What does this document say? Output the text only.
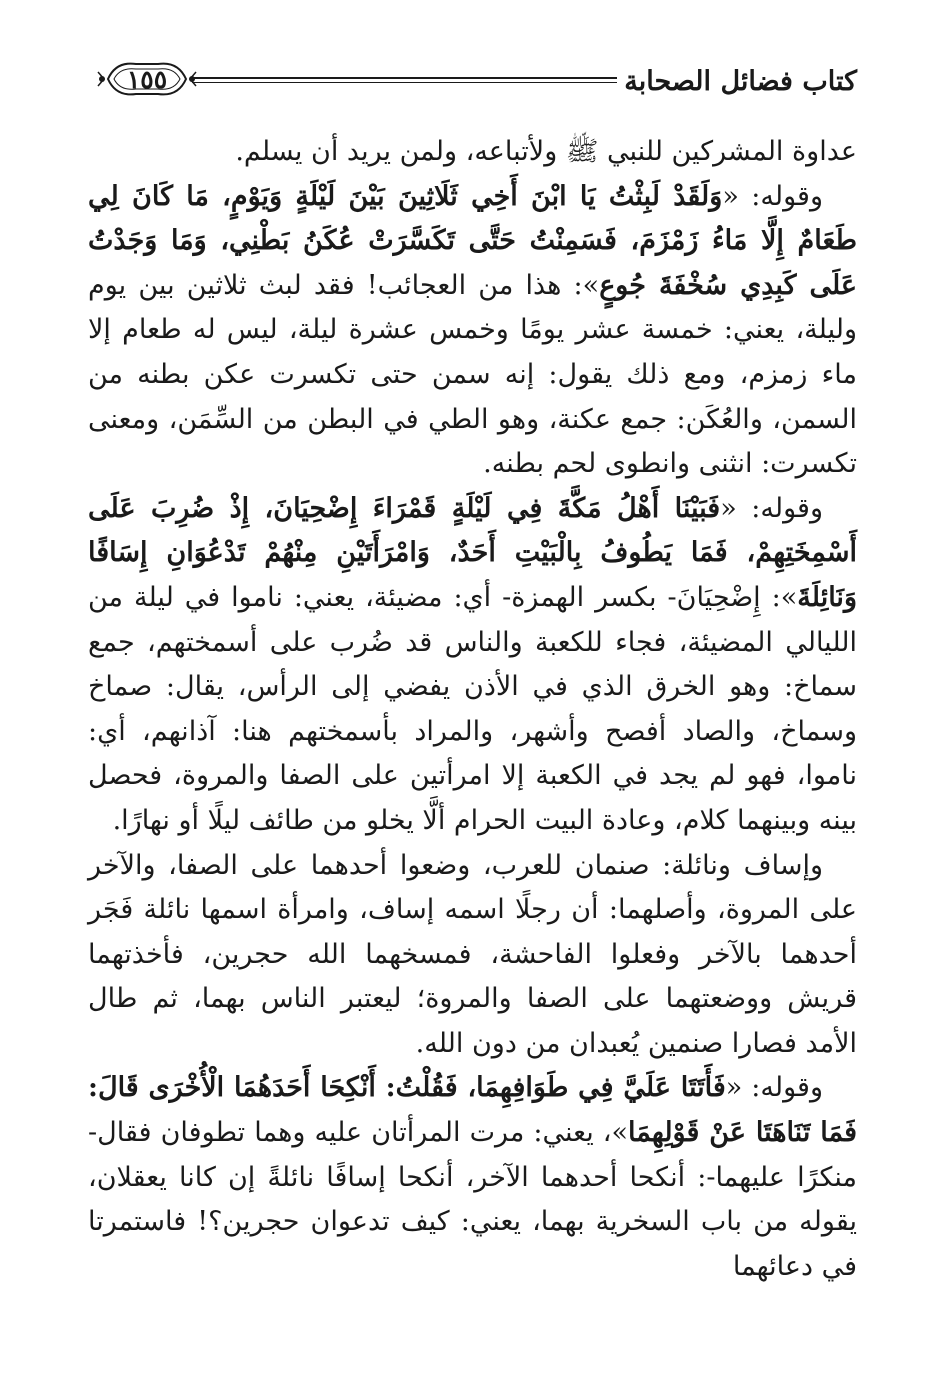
كتاب فضائل الصحابة
١٥٥

عداوة المشركين للنبي ﷺ ولأتباعه، ولمن يريد أن يسلم.

وقوله: «وَلَقَدْ لَبِثْتُ يَا ابْنَ أَخِي ثَلَاثِينَ بَيْنَ لَيْلَةٍ وَيَوْمٍ، مَا كَانَ لِي طَعَامٌ إِلَّا مَاءُ زَمْزَمَ، فَسَمِنْتُ حَتَّى تَكَسَّرَتْ عُكَنُ بَطْنِي، وَمَا وَجَدْتُ عَلَى كَبِدِي سُخْفَةَ جُوعٍ»: هذا من العجائب! فقد لبث ثلاثين بين يوم وليلة، يعني: خمسة عشر يومًا وخمس عشرة ليلة، ليس له طعام إلا ماء زمزم، ومع ذلك يقول: إنه سمن حتى تكسرت عكن بطنه من السمن، والعُكَن: جمع عكنة، وهو الطي في البطن من السِّمَن، ومعنى تكسرت: انثنى وانطوى لحم بطنه.

وقوله: «فَبَيْنَا أَهْلُ مَكَّةَ فِي لَيْلَةٍ قَمْرَاءَ إِضْحِيَانَ، إِذْ ضُرِبَ عَلَى أَسْمِخَتِهِمْ، فَمَا يَطُوفُ بِالْبَيْتِ أَحَدٌ، وَامْرَأَتَيْنِ مِنْهُمْ تَدْعُوَانِ إِسَافًا وَنَائِلَةَ»: إِضْحِيَانَ- بكسر الهمزة- أي: مضيئة، يعني: ناموا في ليلة من الليالي المضيئة، فجاء للكعبة والناس قد ضُرب على أسمختهم، جمع سماخ: وهو الخرق الذي في الأذن يفضي إلى الرأس، يقال: صماخ وسماخ، والصاد أفصح وأشهر، والمراد بأسمختهم هنا: آذانهم، أي: ناموا، فهو لم يجد في الكعبة إلا امرأتين على الصفا والمروة، فحصل بينه وبينهما كلام، وعادة البيت الحرام ألَّا يخلو من طائف ليلًا أو نهارًا.

وإساف ونائلة: صنمان للعرب، وضعوا أحدهما على الصفا، والآخر على المروة، وأصلهما: أن رجلًا اسمه إساف، وامرأة اسمها نائلة فَجَر أحدهما بالآخر وفعلوا الفاحشة، فمسخهما الله حجرين، فأخذتهما قريش ووضعتهما على الصفا والمروة؛ ليعتبر الناس بهما، ثم طال الأمد فصارا صنمين يُعبدان من دون الله.

وقوله: «فَأَتَتَا عَلَيَّ فِي طَوَافِهِمَا، فَقُلْتُ: أَنْكِحَا أَحَدَهُمَا الْأُخْرَى قَالَ: فَمَا تَنَاهَتَا عَنْ قَوْلِهِمَا»، يعني: مرت المرأتان عليه وهما تطوفان فقال- منكرًا عليهما-: أنكحا أحدهما الآخر، أنكحا إسافًا نائلةً إن كانا يعقلان، يقوله من باب السخرية بهما، يعني: كيف تدعوان حجرين؟! فاستمرتا في دعائهما
